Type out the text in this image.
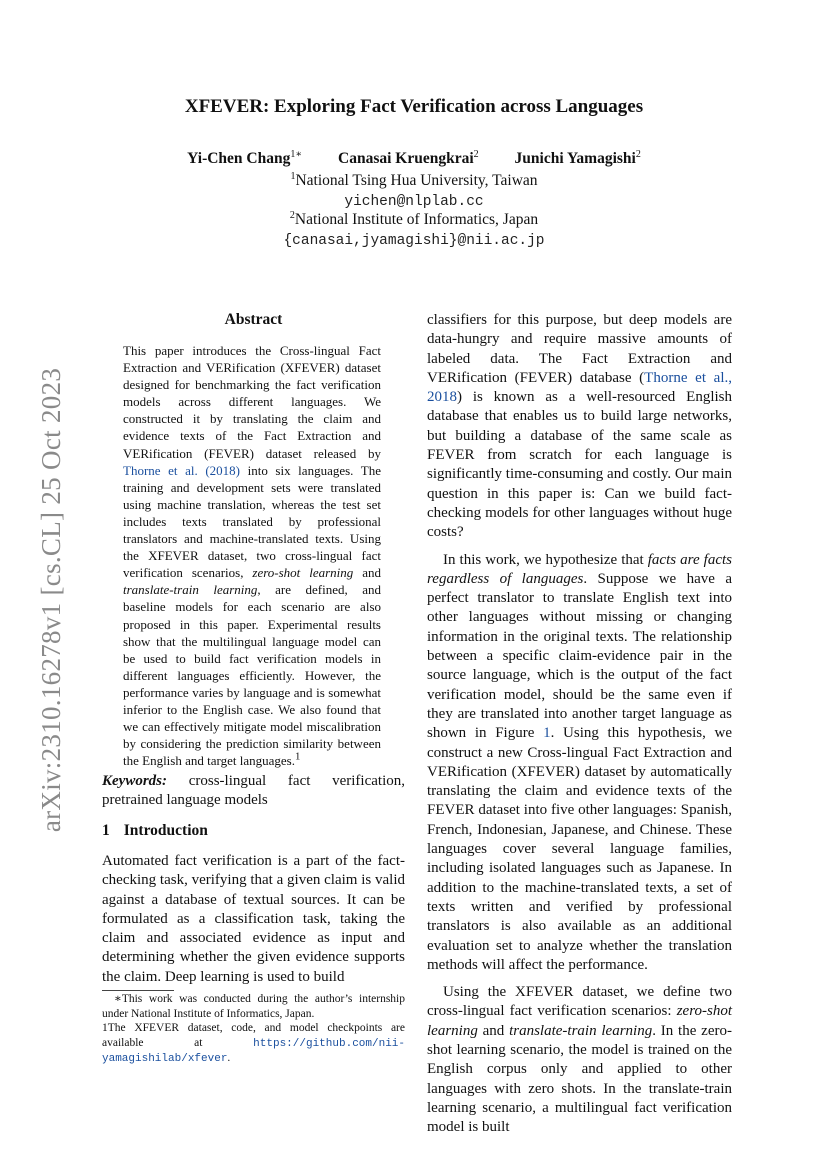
arXiv:2310.16278v1 [cs.CL] 25 Oct 2023
XFEVER: Exploring Fact Verification across Languages
Yi-Chen Chang$^{1∗}$ Canasai Kruengkrai$^2$ Junichi Yamagishi$^2$
$^1$National Tsing Hua University, Taiwan
yichen@nlplab.cc
$^2$National Institute of Informatics, Japan
{canasai,jyamagishi}@nii.ac.jp
Abstract
This paper introduces the Cross-lingual Fact Extraction and VERification (XFEVER) dataset designed for benchmarking the fact verification models across different languages. We constructed it by translating the claim and evidence texts of the Fact Extraction and VERification (FEVER) dataset released by Thorne et al. (2018) into six languages. The training and development sets were translated using machine translation, whereas the test set includes texts translated by professional translators and machine-translated texts. Using the XFEVER dataset, two cross-lingual fact verification scenarios, zero-shot learning and translate-train learning, are defined, and baseline models for each scenario are also proposed in this paper. Experimental results show that the multilingual language model can be used to build fact verification models in different languages efficiently. However, the performance varies by language and is somewhat inferior to the English case. We also found that we can effectively mitigate model miscalibration by considering the prediction similarity between the English and target languages.$^1$
Keywords: cross-lingual fact verification, pretrained language models
1 Introduction
Automated fact verification is a part of the fact-checking task, verifying that a given claim is valid against a database of textual sources. It can be formulated as a classification task, taking the claim and associated evidence as input and determining whether the given evidence supports the claim. Deep learning is used to build

∗This work was conducted during the author’s internship under National Institute of Informatics, Japan.

1The XFEVER dataset, code, and model checkpoints are available at https://github.com/nii-yamagishilab/xfever.

classifiers for this purpose, but deep models are data-hungry and require massive amounts of labeled data. The Fact Extraction and VERification (FEVER) database (Thorne et al., 2018) is known as a well-resourced English database that enables us to build large networks, but building a database of the same scale as FEVER from scratch for each language is significantly time-consuming and costly. Our main question in this paper is: Can we build fact-checking models for other languages without huge costs?

In this work, we hypothesize that facts are facts regardless of languages. Suppose we have a perfect translator to translate English text into other languages without missing or changing information in the original texts. The relationship between a specific claim-evidence pair in the source language, which is the output of the fact verification model, should be the same even if they are translated into another target language as shown in Figure 1. Using this hypothesis, we construct a new Cross-lingual Fact Extraction and VERification (XFEVER) dataset by automatically translating the claim and evidence texts of the FEVER dataset into five other languages: Spanish, French, Indonesian, Japanese, and Chinese. These languages cover several language families, including isolated languages such as Japanese. In addition to the machine-translated texts, a set of texts written and verified by professional translators is also available as an additional evaluation set to analyze whether the translation methods will affect the performance.

Using the XFEVER dataset, we define two cross-lingual fact verification scenarios: zero-shot learning and translate-train learning. In the zero-shot learning scenario, the model is trained on the English corpus only and applied to other languages with zero shots. In the translate-train learning scenario, a multilingual fact verification model is built
